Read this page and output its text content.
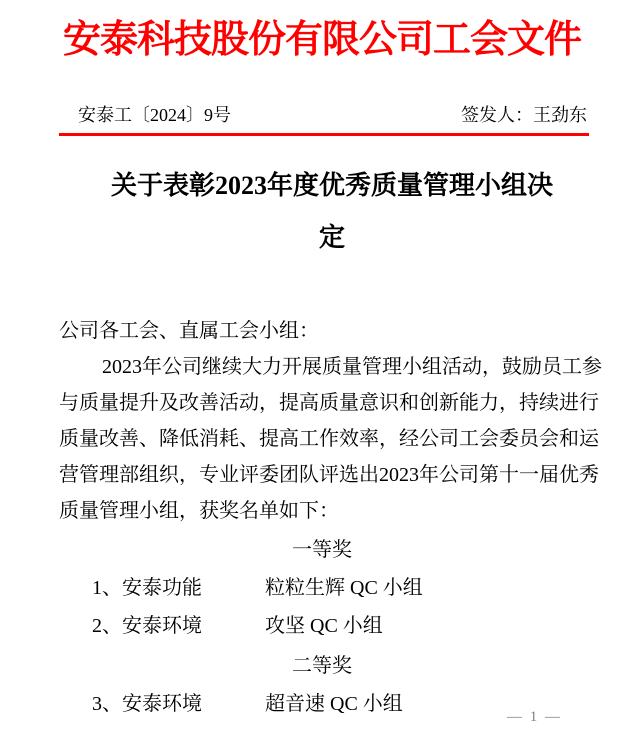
安泰科技股份有限公司工会文件
安泰工〔2024〕9号	签发人：王劲东
关于表彰2023年度优秀质量管理小组决
定
公司各工会、直属工会小组：
2023年公司继续大力开展质量管理小组活动，鼓励员工参
与质量提升及改善活动，提高质量意识和创新能力，持续进行
质量改善、降低消耗、提高工作效率，经公司工会委员会和运
营管理部组织，专业评委团队评选出2023年公司第十一届优秀
质量管理小组，获奖名单如下：
一等奖
1、安泰功能	粒粒生辉 QC 小组
2、安泰环境	攻坚 QC 小组
二等奖
3、安泰环境	超音速 QC 小组
— 1 —
